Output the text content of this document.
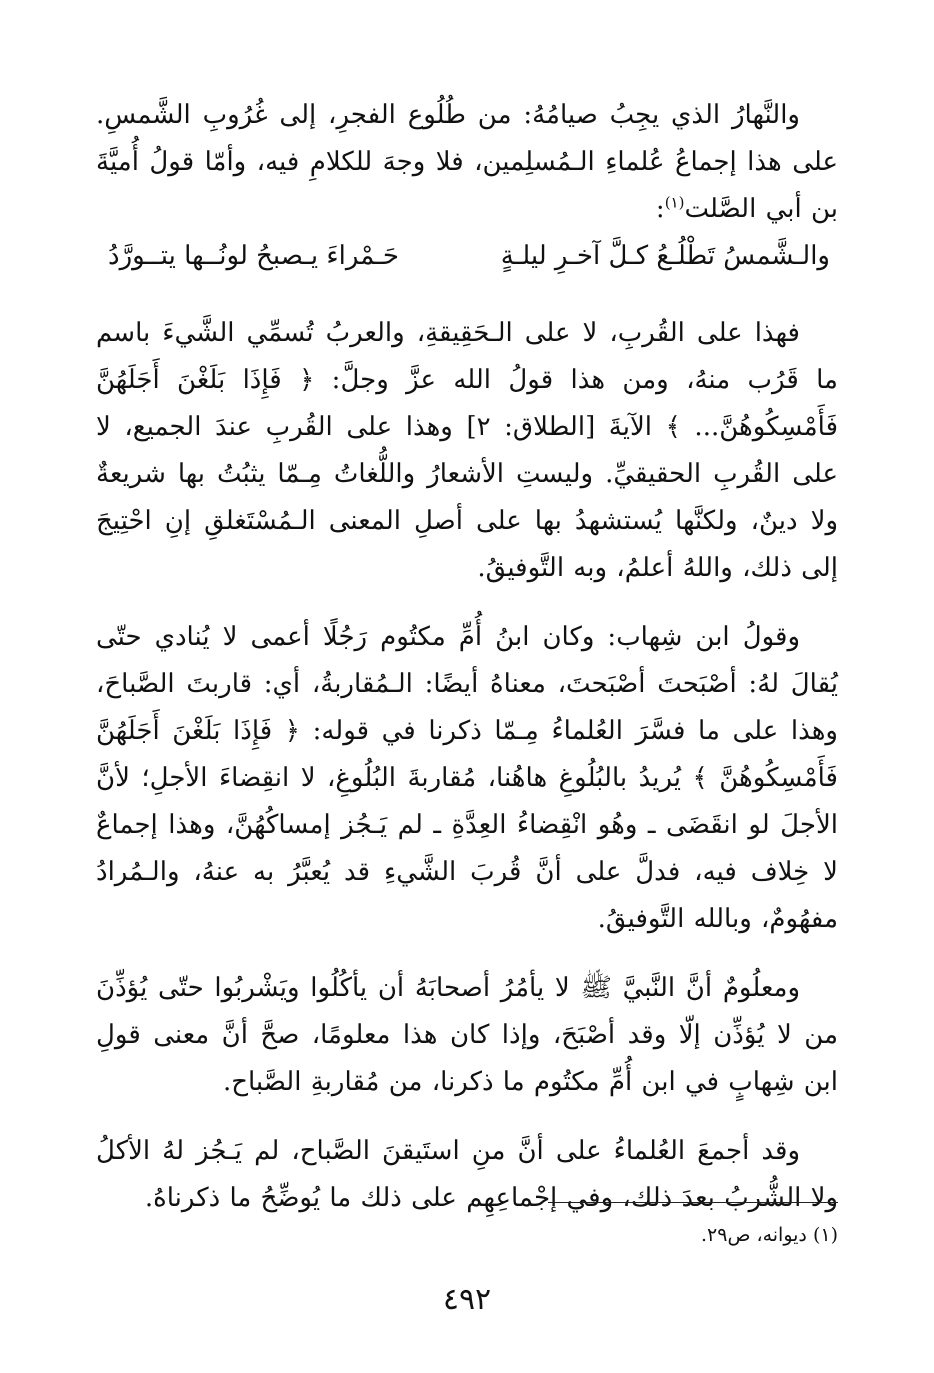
والنَّهارُ الذي يجِبُ صيامُهُ: من طُلُوع الفجرِ، إلى غُرُوبِ الشَّمسِ. على هذا إجماعُ عُلماءِ الـمُسلِمين، فلا وجهَ للكلامِ فيه، وأمّا قولُ أُميَّةَ بن أبي الصَّلت$^{(١)}$:

والـشَّمسُ تَطْلُـعُ كـلَّ آخـرِ ليلـةٍ
حَـمْراءَ يـصبحُ لونُــها يتــورَّدُ

فهذا على القُربِ، لا على الـحَقِيقةِ، والعربُ تُسمِّي الشَّيءَ باسم ما قَرُب منهُ، ومن هذا قولُ الله عزَّ وجلَّ: ﴿ فَإِذَا بَلَغْنَ أَجَلَهُنَّ فَأَمْسِكُوهُنَّ... ﴾ الآيةَ [الطلاق: ٢] وهذا على القُربِ عندَ الجميع، لا على القُربِ الحقيقيِّ. وليستِ الأشعارُ واللُّغاتُ مِـمّا يثبُتُ بها شريعةٌ ولا دينٌ، ولكنَّها يُستشهدُ بها على أصلِ المعنى الـمُسْتَغلقِ إنِ احْتِيجَ إلى ذلك، واللهُ أعلمُ، وبه التَّوفيقُ.

وقولُ ابن شِهاب: وكان ابنُ أُمِّ مكتُوم رَجُلًا أعمى لا يُنادي حتّى يُقالَ لهُ: أصْبَحتَ أصْبَحتَ، معناهُ أيضًا: الـمُقاربةُ، أي: قاربتَ الصَّباحَ، وهذا على ما فسَّرَ العُلماءُ مِـمّا ذكرنا في قوله: ﴿ فَإِذَا بَلَغْنَ أَجَلَهُنَّ فَأَمْسِكُوهُنَّ ﴾ يُريدُ بالبُلُوغِ هاهُنا، مُقاربةَ البُلُوغِ، لا انقِضاءَ الأجلِ؛ لأنَّ الأجلَ لو انقَضَى ـ وهُو انْقِضاءُ العِدَّةِ ـ لم يَـجُز إمساكُهُنَّ، وهذا إجماعٌ لا خِلاف فيه، فدلَّ على أنَّ قُربَ الشَّيءِ قد يُعبَّرُ به عنهُ، والـمُرادُ مفهُومٌ، وبالله التَّوفيقُ.

ومعلُومٌ أنَّ النَّبيَّ ﷺ لا يأمُرُ أصحابَهُ أن يأكُلُوا ويَشْربُوا حتّى يُؤذِّنَ من لا يُؤذِّن إلّا وقد أصْبَحَ، وإذا كان هذا معلومًا، صحَّ أنَّ معنى قولِ ابن شِهابٍ في ابن أُمِّ مكتُوم ما ذكرنا، من مُقاربةِ الصَّباح.

وقد أجمعَ العُلماءُ على أنَّ منِ استَيقنَ الصَّباح، لم يَـجُز لهُ الأكلُ ولا الشُّربُ بعدَ ذلك، وفي إجْماعِهِم على ذلك ما يُوضِّحُ ما ذكرناهُ.

(١) ديوانه، ص٢٩.
٤٩٢
